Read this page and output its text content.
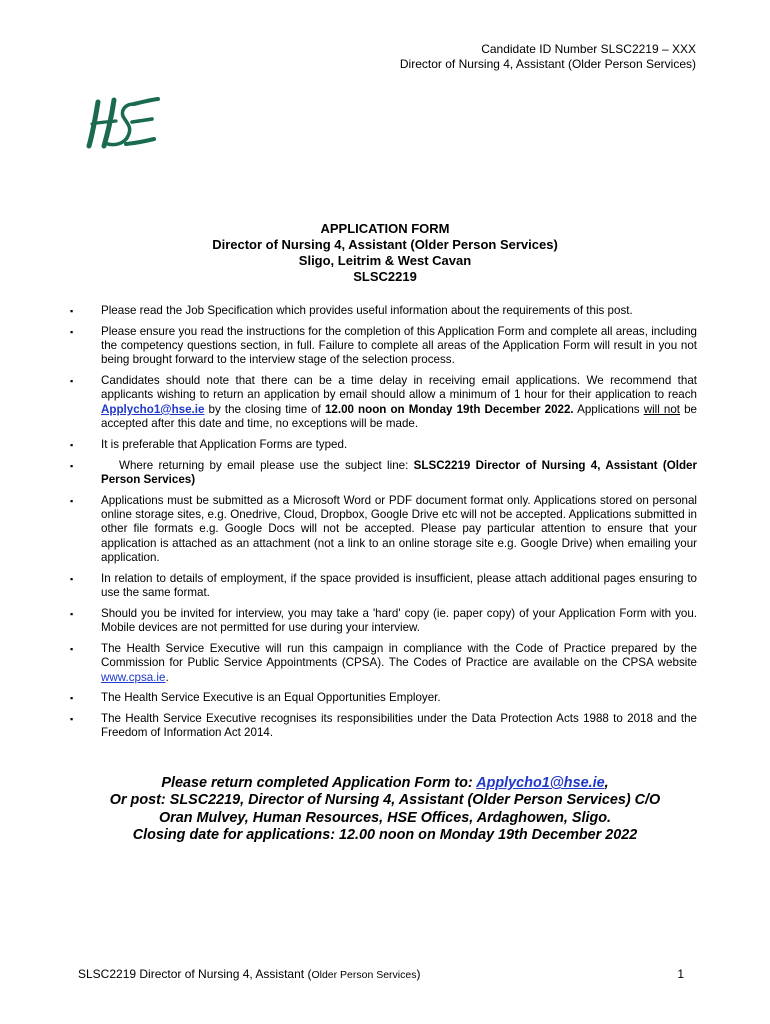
Candidate ID Number SLSC2219 – XXX
Director of Nursing 4, Assistant (Older Person Services)
APPLICATION FORM
Director of Nursing 4, Assistant (Older Person Services)
Sligo, Leitrim & West Cavan
SLSC2219
▪ Please read the Job Specification which provides useful information about the requirements of this post.
▪ Please ensure you read the instructions for the completion of this Application Form and complete all areas, including the competency questions section, in full. Failure to complete all areas of the Application Form will result in you not being brought forward to the interview stage of the selection process.
▪ Candidates should note that there can be a time delay in receiving email applications. We recommend that applicants wishing to return an application by email should allow a minimum of 1 hour for their application to reach Applycho1@hse.ie by the closing time of 12.00 noon on Monday 19th December 2022. Applications will not be accepted after this date and time, no exceptions will be made.
▪ It is preferable that Application Forms are typed.
▪	Where returning by email please use the subject line: SLSC2219 Director of Nursing 4, Assistant (Older Person Services)
▪ Applications must be submitted as a Microsoft Word or PDF document format only. Applications stored on personal online storage sites, e.g. Onedrive, Cloud, Dropbox, Google Drive etc will not be accepted. Applications submitted in other file formats e.g. Google Docs will not be accepted. Please pay particular attention to ensure that your application is attached as an attachment (not a link to an online storage site e.g. Google Drive) when emailing your application.
▪ In relation to details of employment, if the space provided is insufficient, please attach additional pages ensuring to use the same format.
▪ Should you be invited for interview, you may take a 'hard' copy (ie. paper copy) of your Application Form with you. Mobile devices are not permitted for use during your interview.
▪ The Health Service Executive will run this campaign in compliance with the Code of Practice prepared by the Commission for Public Service Appointments (CPSA). The Codes of Practice are available on the CPSA website www.cpsa.ie.
▪ The Health Service Executive is an Equal Opportunities Employer.
▪ The Health Service Executive recognises its responsibilities under the Data Protection Acts 1988 to 2018 and the Freedom of Information Act 2014.
Please return completed Application Form to: Applycho1@hse.ie,
Or post: SLSC2219, Director of Nursing 4, Assistant (Older Person Services) C/O
Oran Mulvey, Human Resources, HSE Offices, Ardaghowen, Sligo.
Closing date for applications: 12.00 noon on Monday 19th December 2022
SLSC2219 Director of Nursing 4, Assistant (Older Person Services)	1
